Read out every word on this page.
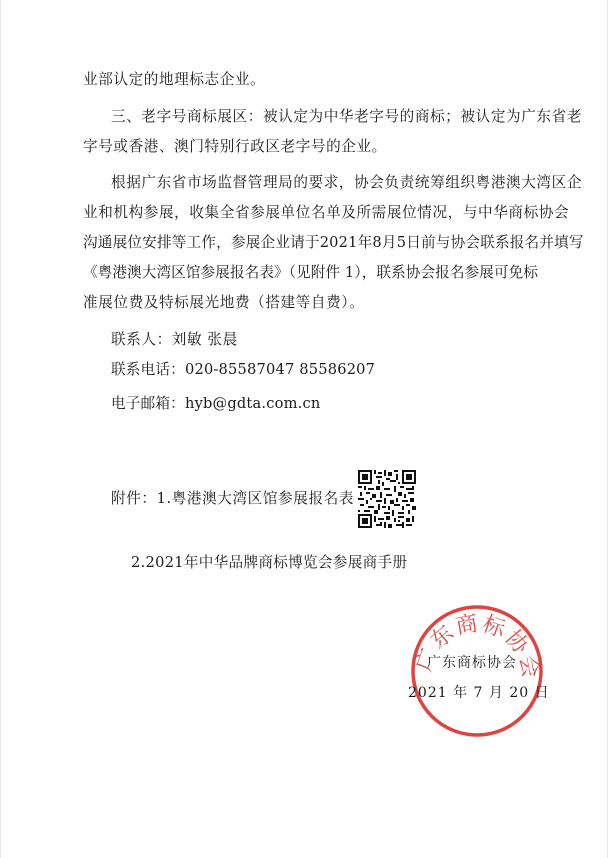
业部认定的地理标志企业。

三、老字号商标展区：被认定为中华老字号的商标；被认定为广东省老

字号或香港、澳门特别行政区老字号的企业。

根据广东省市场监督管理局的要求，协会负责统筹组织粤港澳大湾区企

业和机构参展，收集全省参展单位名单及所需展位情况，与中华商标协会

沟通展位安排等工作，参展企业请于2021年8月5日前与协会联系报名并填写

《粤港澳大湾区馆参展报名表》（见附件 1），联系协会报名参展可免标

准展位费及特标展光地费（搭建等自费）。

联系人：刘敏 张晨

联系电话：020-85587047 85586207

电子邮箱：hyb@gdta.com.cn

附件：1.粤港澳大湾区馆参展报名表

2.2021年中华品牌商标博览会参展商手册

广东商标协会
广东商标协会
2021 年 7 月 20 日
